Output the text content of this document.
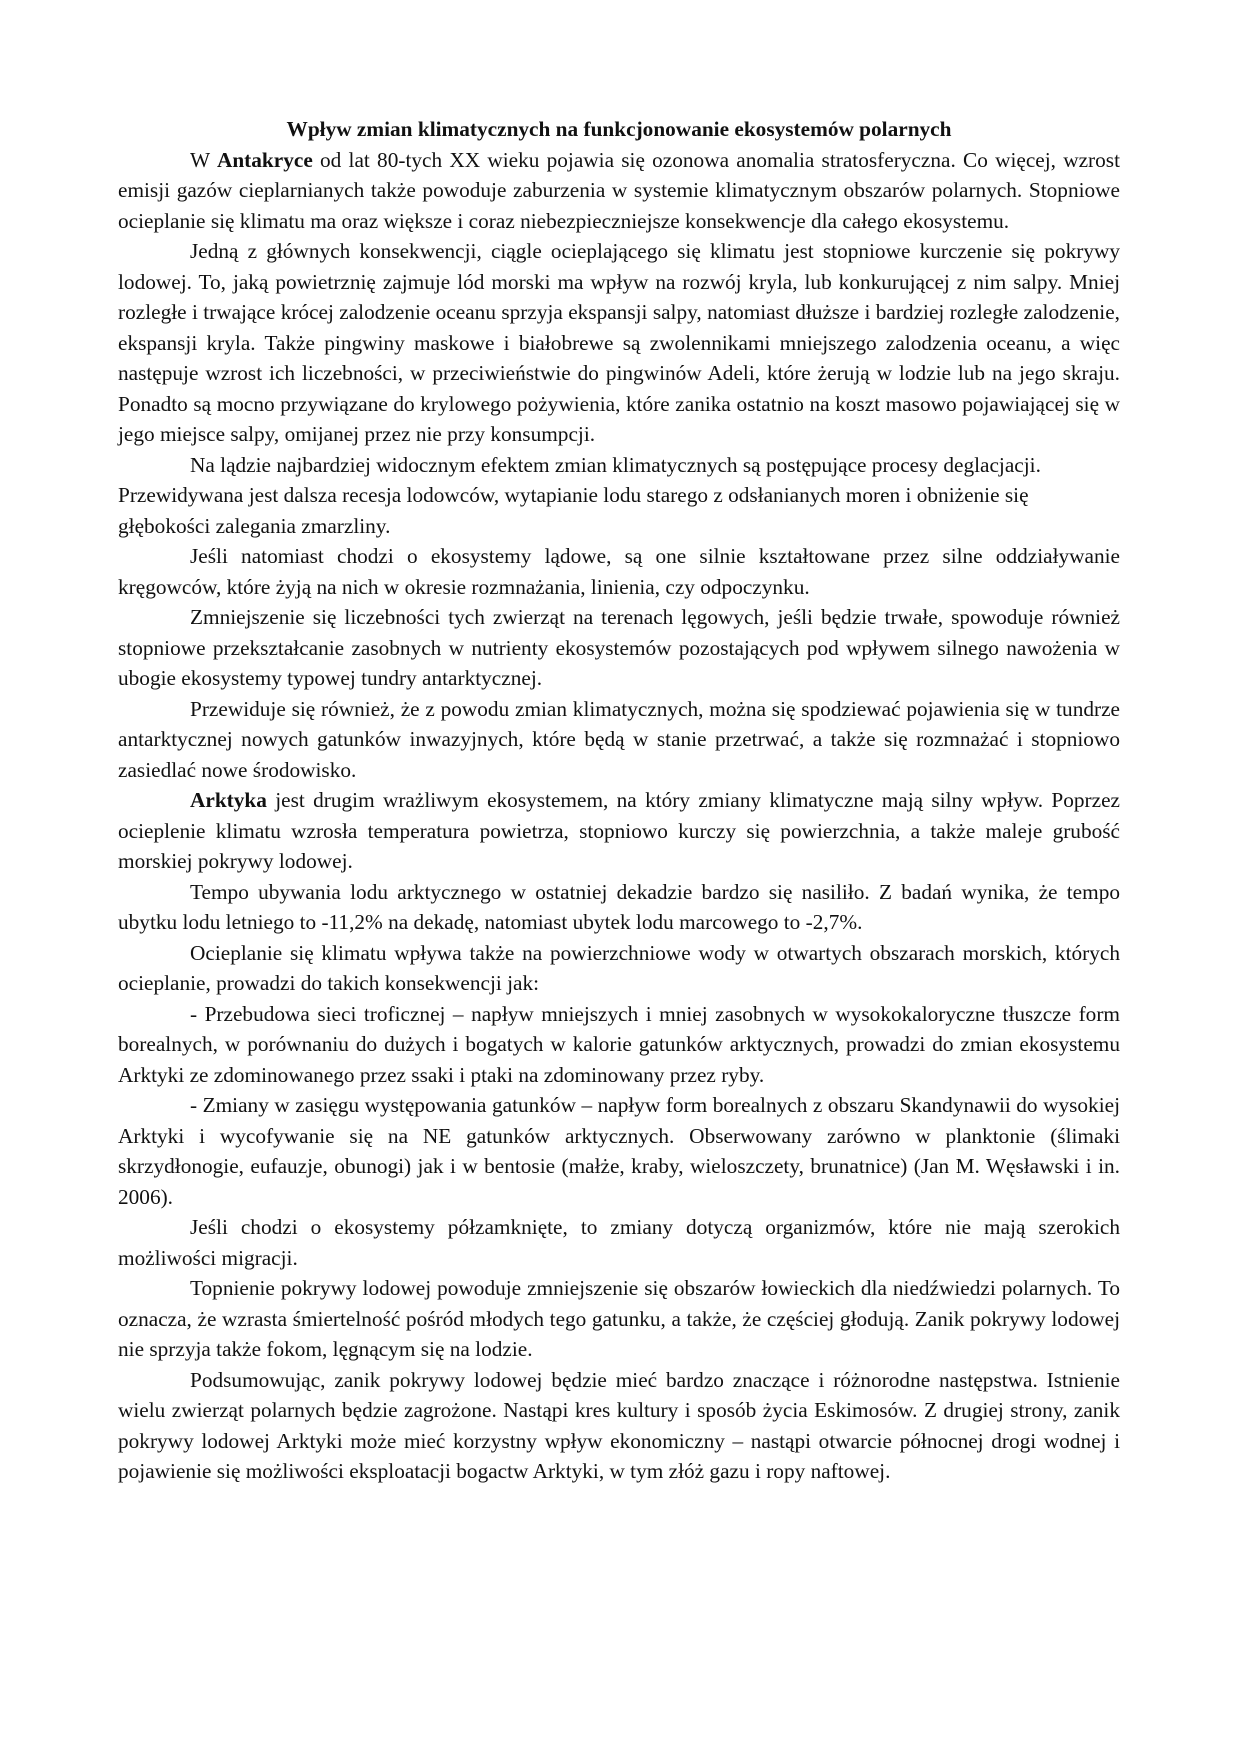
Wpływ zmian klimatycznych na funkcjonowanie ekosystemów polarnych

W Antakryce od lat 80-tych XX wieku pojawia się ozonowa anomalia stratosferyczna. Co więcej, wzrost emisji gazów cieplarnianych także powoduje zaburzenia w systemie klimatycznym obszarów polarnych. Stopniowe ocieplanie się klimatu ma oraz większe i coraz niebezpieczniejsze konsekwencje dla całego ekosystemu.

Jedną z głównych konsekwencji, ciągle ocieplającego się klimatu jest stopniowe kurczenie się pokrywy lodowej. To, jaką powietrznię zajmuje lód morski ma wpływ na rozwój kryla, lub konkurującej z nim salpy. Mniej rozległe i trwające krócej zalodzenie oceanu sprzyja ekspansji salpy, natomiast dłuższe i bardziej rozległe zalodzenie, ekspansji kryla. Także pingwiny maskowe i białobrewe są zwolennikami mniejszego zalodzenia oceanu, a więc następuje wzrost ich liczebności, w przeciwieństwie do pingwinów Adeli, które żerują w lodzie lub na jego skraju. Ponadto są mocno przywiązane do krylowego pożywienia, które zanika ostatnio na koszt masowo pojawiającej się w jego miejsce salpy, omijanej przez nie przy konsumpcji.

Na lądzie najbardziej widocznym efektem zmian klimatycznych są postępujące procesy deglacjacji. Przewidywana jest dalsza recesja lodowców, wytapianie lodu starego z odsłanianych moren i obniżenie się głębokości zalegania zmarzliny.

Jeśli natomiast chodzi o ekosystemy lądowe, są one silnie kształtowane przez silne oddziaływanie kręgowców, które żyją na nich w okresie rozmnażania, linienia, czy odpoczynku.

Zmniejszenie się liczebności tych zwierząt na terenach lęgowych, jeśli będzie trwałe, spowoduje również stopniowe przekształcanie zasobnych w nutrienty ekosystemów pozostających pod wpływem silnego nawożenia w ubogie ekosystemy typowej tundry antarktycznej.

Przewiduje się również, że z powodu zmian klimatycznych, można się spodziewać pojawienia się w tundrze antarktycznej nowych gatunków inwazyjnych, które będą w stanie przetrwać, a także się rozmnażać i stopniowo zasiedlać nowe środowisko.

Arktyka jest drugim wrażliwym ekosystemem, na który zmiany klimatyczne mają silny wpływ. Poprzez ocieplenie klimatu wzrosła temperatura powietrza, stopniowo kurczy się powierzchnia, a także maleje grubość morskiej pokrywy lodowej.

Tempo ubywania lodu arktycznego w ostatniej dekadzie bardzo się nasiliło. Z badań wynika, że tempo ubytku lodu letniego to -11,2% na dekadę, natomiast ubytek lodu marcowego to -2,7%.

Ocieplanie się klimatu wpływa także na powierzchniowe wody w otwartych obszarach morskich, których ocieplanie, prowadzi do takich konsekwencji jak:

- Przebudowa sieci troficznej – napływ mniejszych i mniej zasobnych w wysokokaloryczne tłuszcze form borealnych, w porównaniu do dużych i bogatych w kalorie gatunków arktycznych, prowadzi do zmian ekosystemu Arktyki ze zdominowanego przez ssaki i ptaki na zdominowany przez ryby.

- Zmiany w zasięgu występowania gatunków – napływ form borealnych z obszaru Skandynawii do wysokiej Arktyki i wycofywanie się na NE gatunków arktycznych. Obserwowany zarówno w planktonie (ślimaki skrzydłonogie, eufauzje, obunogi) jak i w bentosie (małże, kraby, wieloszczety, brunatnice) (Jan M. Węsławski i in. 2006).

Jeśli chodzi o ekosystemy półzamknięte, to zmiany dotyczą organizmów, które nie mają szerokich możliwości migracji.

Topnienie pokrywy lodowej powoduje zmniejszenie się obszarów łowieckich dla niedźwiedzi polarnych. To oznacza, że wzrasta śmiertelność pośród młodych tego gatunku, a także, że częściej głodują. Zanik pokrywy lodowej nie sprzyja także fokom, lęgnącym się na lodzie.

Podsumowując, zanik pokrywy lodowej będzie mieć bardzo znaczące i różnorodne następstwa. Istnienie wielu zwierząt polarnych będzie zagrożone. Nastąpi kres kultury i sposób życia Eskimosów. Z drugiej strony, zanik pokrywy lodowej Arktyki może mieć korzystny wpływ ekonomiczny – nastąpi otwarcie północnej drogi wodnej i pojawienie się możliwości eksploatacji bogactw Arktyki, w tym złóż gazu i ropy naftowej.
